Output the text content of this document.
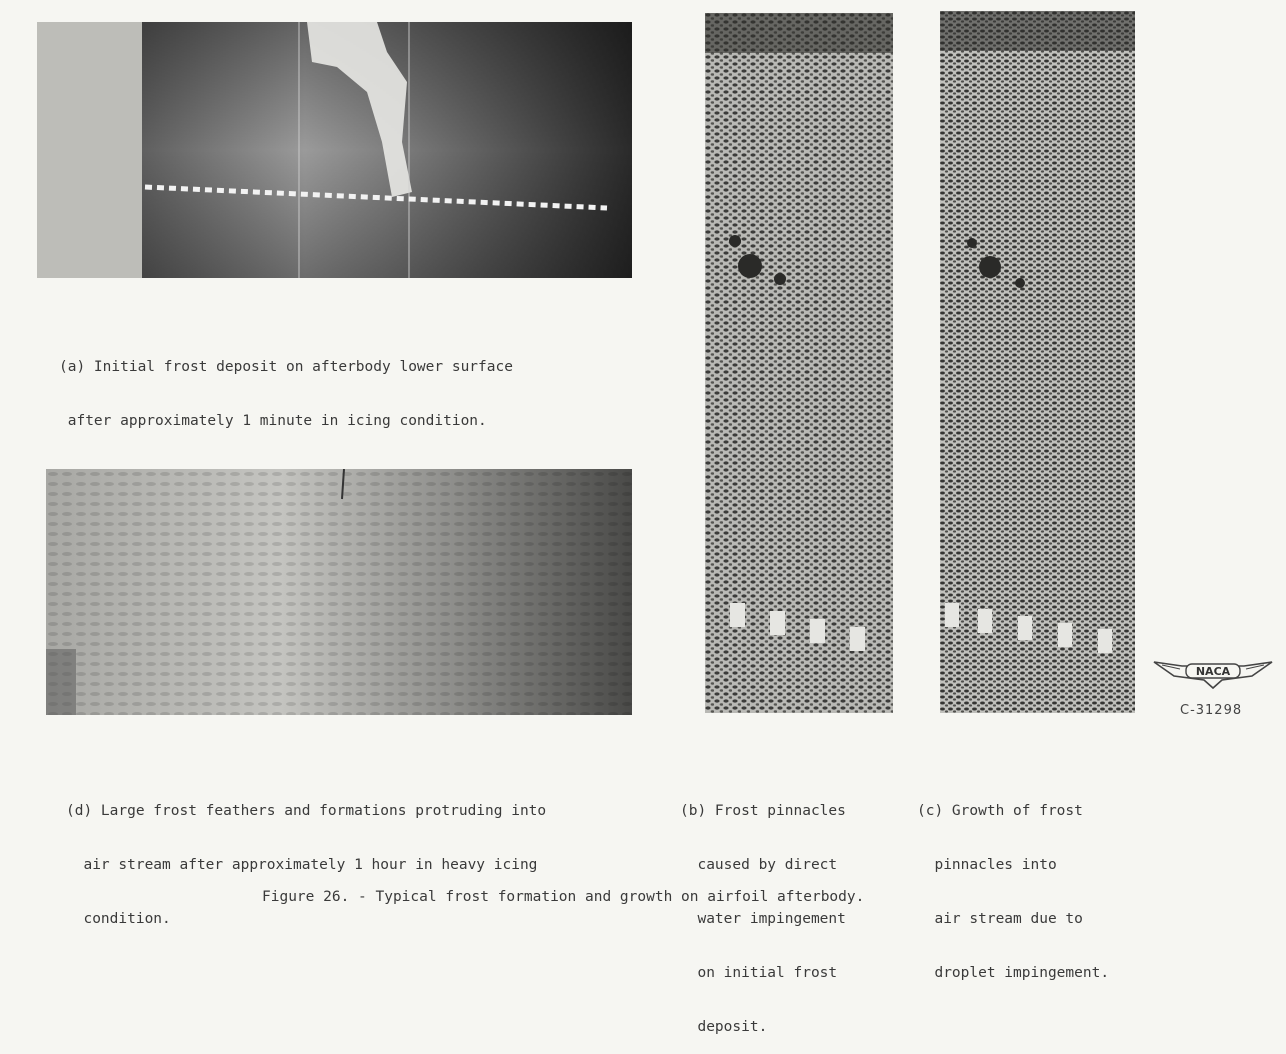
(a) Initial frost deposit on afterbody lower surface

after approximately 1 minute in icing condition.

(d) Large frost feathers and formations protruding into

air stream after approximately 1 hour in heavy icing

condition.

(b) Frost pinnacles

caused by direct

water impingement

on initial frost

deposit.

(c) Growth of frost

pinnacles into

air stream due to

droplet impingement.

NACA
C-31298
Figure 26. - Typical frost formation and growth on airfoil afterbody.
